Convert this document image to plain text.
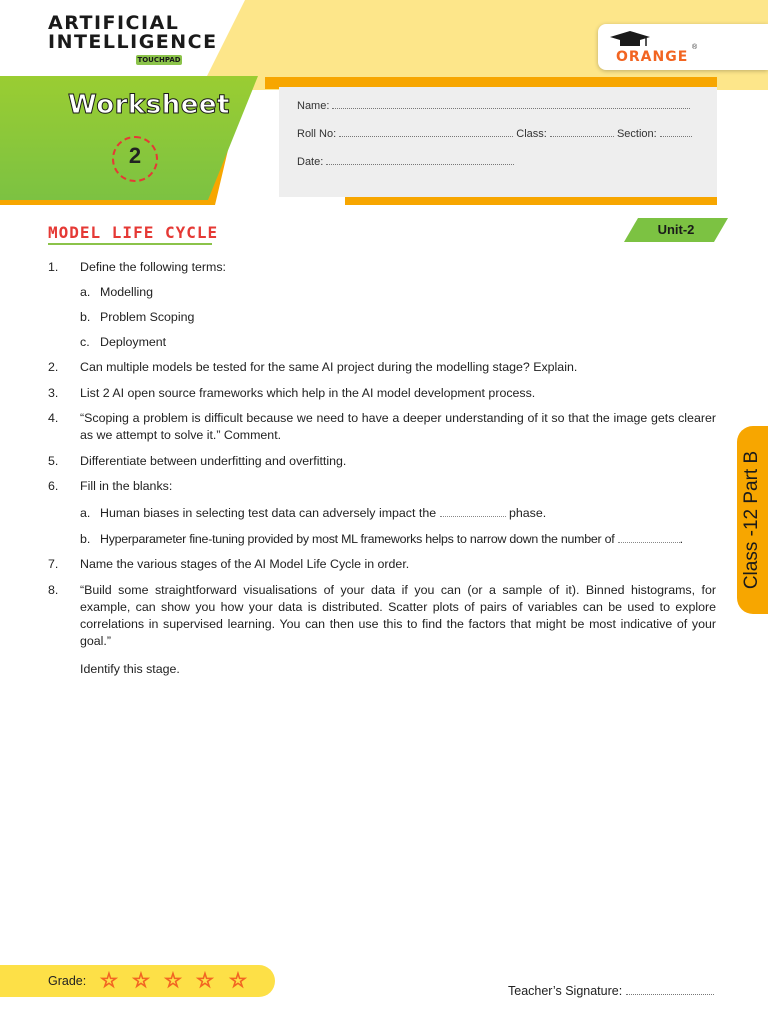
ARTIFICIAL
INTELLIGENCE
TOUCHPAD	ORANGE
®
Worksheet
2
Name:
Roll No:	Class:	Section:
Date:
MODEL LIFE CYCLE	Unit-2
Class -12 Part B
1.	Define the following terms:
a. Modelling
b. Problem Scoping
c. Deployment
2.	Can multiple models be tested for the same AI project during the modelling stage? Explain.
3.	List 2 AI open source frameworks which help in the AI model development process.
4.	“Scoping a problem is difficult because we need to have a deeper understanding of it so that the image gets clearer as we attempt to solve it.” Comment.
5.	Differentiate between underfitting and overfitting.
6.	Fill in the blanks:
a. Human biases in selecting test data can adversely impact the	phase.
b. Hyperparameter fine-tuning provided by most ML frameworks helps to narrow down the number of	.
7.	Name the various stages of the AI Model Life Cycle in order.
8.	“Build some straightforward visualisations of your data if you can (or a sample of it). Binned histograms, for example, can show you how your data is distributed. Scatter plots of pairs of variables can be used to explore correlations in supervised learning. You can then use this to find the factors that might be most indicative of your goal.”
Identify this stage.
Grade: ☆ ☆ ☆ ☆ ☆	Teacher’s Signature:
